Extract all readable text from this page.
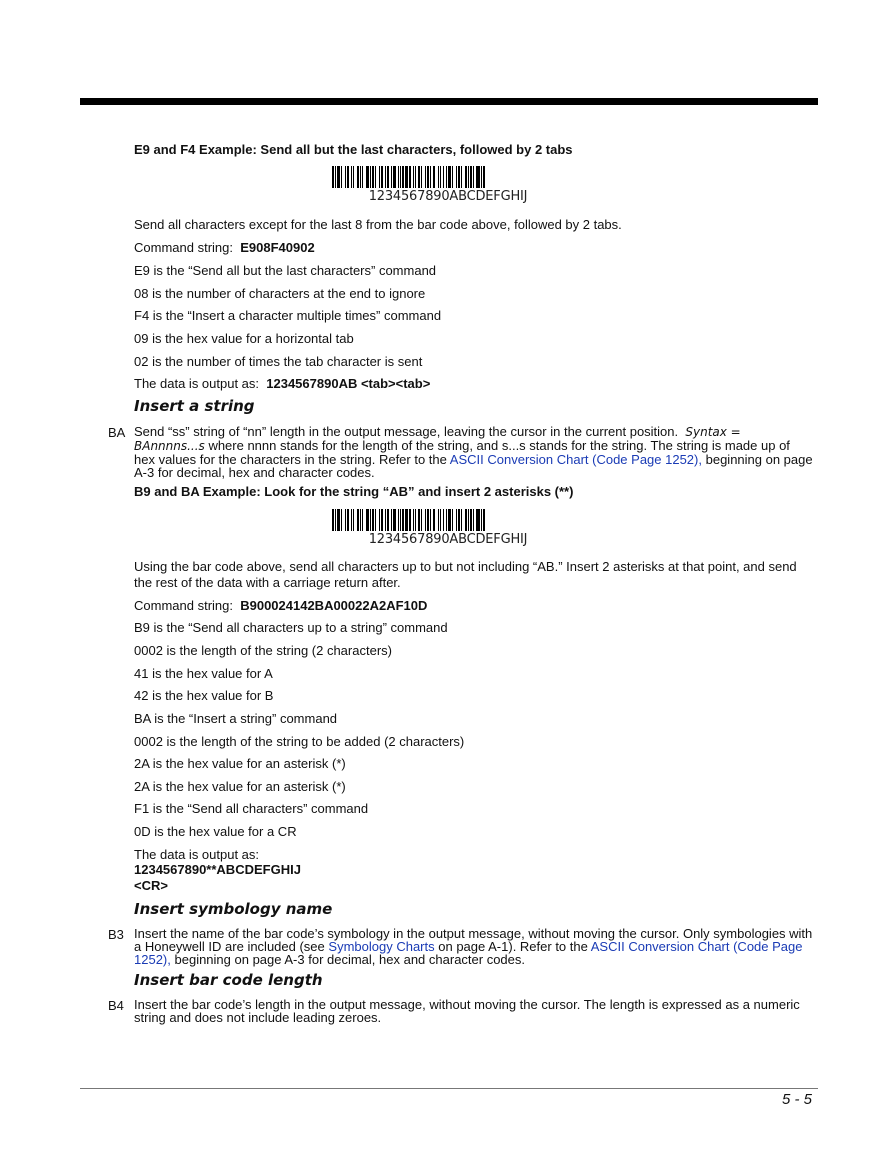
E9 and F4 Example: Send all but the last characters, followed by 2 tabs
1234567890ABCDEFGHIJ
Send all characters except for the last 8 from the bar code above, followed by 2 tabs.
Command string: E908F40902
E9 is the “Send all but the last characters” command
08 is the number of characters at the end to ignore
F4 is the “Insert a character multiple times” command
09 is the hex value for a horizontal tab
02 is the number of times the tab character is sent
The data is output as: 1234567890AB <tab><tab>
Insert a string
BA Send “ss” string of “nn” length in the output message, leaving the cursor in the current position. Syntax = BAnnnns...s where nnnn stands for the length of the string, and s...s stands for the string. The string is made up of hex values for the characters in the string. Refer to the ASCII Conversion Chart (Code Page 1252), beginning on page A-3 for decimal, hex and character codes.
B9 and BA Example: Look for the string “AB” and insert 2 asterisks (**)
1234567890ABCDEFGHIJ
Using the bar code above, send all characters up to but not including “AB.” Insert 2 asterisks at that point, and send
the rest of the data with a carriage return after.
Command string: B900024142BA00022A2AF10D
B9 is the “Send all characters up to a string” command
0002 is the length of the string (2 characters)
41 is the hex value for A
42 is the hex value for B
BA is the “Insert a string” command
0002 is the length of the string to be added (2 characters)
2A is the hex value for an asterisk (*)
2A is the hex value for an asterisk (*)
F1 is the “Send all characters” command
0D is the hex value for a CR
The data is output as:
1234567890**ABCDEFGHIJ
<CR>
Insert symbology name
B3 Insert the name of the bar code’s symbology in the output message, without moving the cursor. Only symbologies with a Honeywell ID are included (see Symbology Charts on page A-1). Refer to the ASCII Conversion Chart (Code Page 1252), beginning on page A-3 for decimal, hex and character codes.
Insert bar code length
B4 Insert the bar code’s length in the output message, without moving the cursor. The length is expressed as a numeric string and does not include leading zeroes.
5 - 5
